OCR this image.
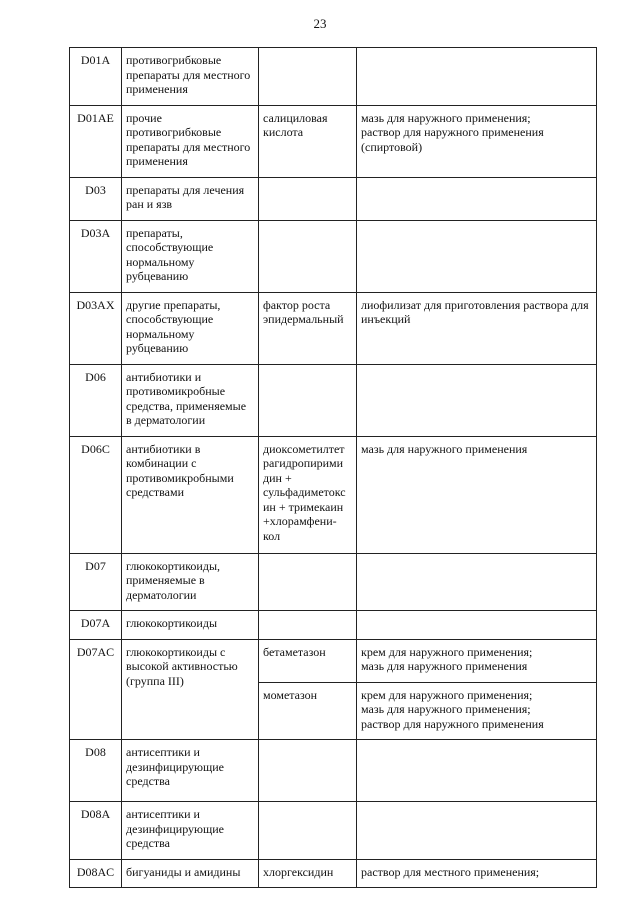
23
D01A	противогрибковые препараты для местного применения		
D01AE	прочие противогрибковые препараты для местного применения	салициловая кислота	мазь для наружного применения;
раствор для наружного применения (спиртовой)
D03	препараты для лечения ран и язв		
D03A	препараты, способствующие нормальному рубцеванию		
D03AX	другие препараты, способствующие нормальному рубцеванию	фактор роста эпидермальный	лиофилизат для приготовления раствора для инъекций
D06	антибиотики и противомикробные средства, применяемые в дерматологии		
D06C	антибиотики в комбинации с противомикробными средствами	диоксометилтет рагидропирими дин + сульфадиметокс ин + тримекаин +хлорамфени-кол	мазь для наружного применения
D07	глюкокортикоиды, применяемые в дерматологии		
D07A	глюкокортикоиды		
D07AC	глюкокортикоиды с высокой активностью (группа III)	бетаметазон	крем для наружного применения;
мазь для наружного применения
		мометазон	крем для наружного применения;
мазь для наружного применения;
раствор для наружного применения
D08	антисептики и дезинфицирующие средства		
D08A	антисептики и дезинфицирующие средства		
D08AC	бигуаниды и амидины	хлоргексидин	раствор для местного применения;
